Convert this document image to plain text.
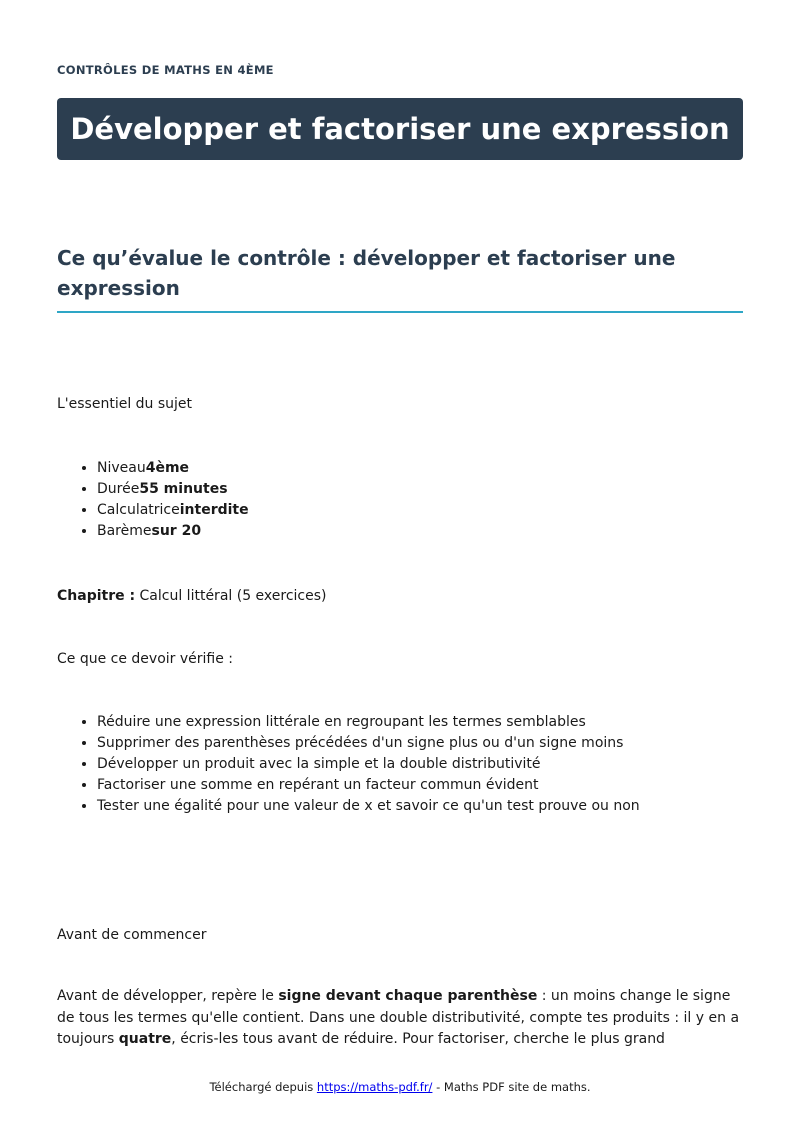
CONTRÔLES DE MATHS EN 4ÈME
Développer et factoriser une expression
Ce qu’évalue le contrôle : développer et factoriser une expression

L'essentiel du sujet

• Niveau4ème
• Durée55 minutes
• Calculatriceinterdite
• Barèmesur 20

Chapitre : Calcul littéral (5 exercices)

Ce que ce devoir vérifie :

• Réduire une expression littérale en regroupant les termes semblables
• Supprimer des parenthèses précédées d'un signe plus ou d'un signe moins
• Développer un produit avec la simple et la double distributivité
• Factoriser une somme en repérant un facteur commun évident
• Tester une égalité pour une valeur de x et savoir ce qu'un test prouve ou non

Avant de commencer

Avant de développer, repère le signe devant chaque parenthèse : un moins change le signe de tous les termes qu'elle contient. Dans une double distributivité, compte tes produits : il y en a toujours quatre, écris-les tous avant de réduire. Pour factoriser, cherche le plus grand

Téléchargé depuis https://maths-pdf.fr/ - Maths PDF site de maths.
